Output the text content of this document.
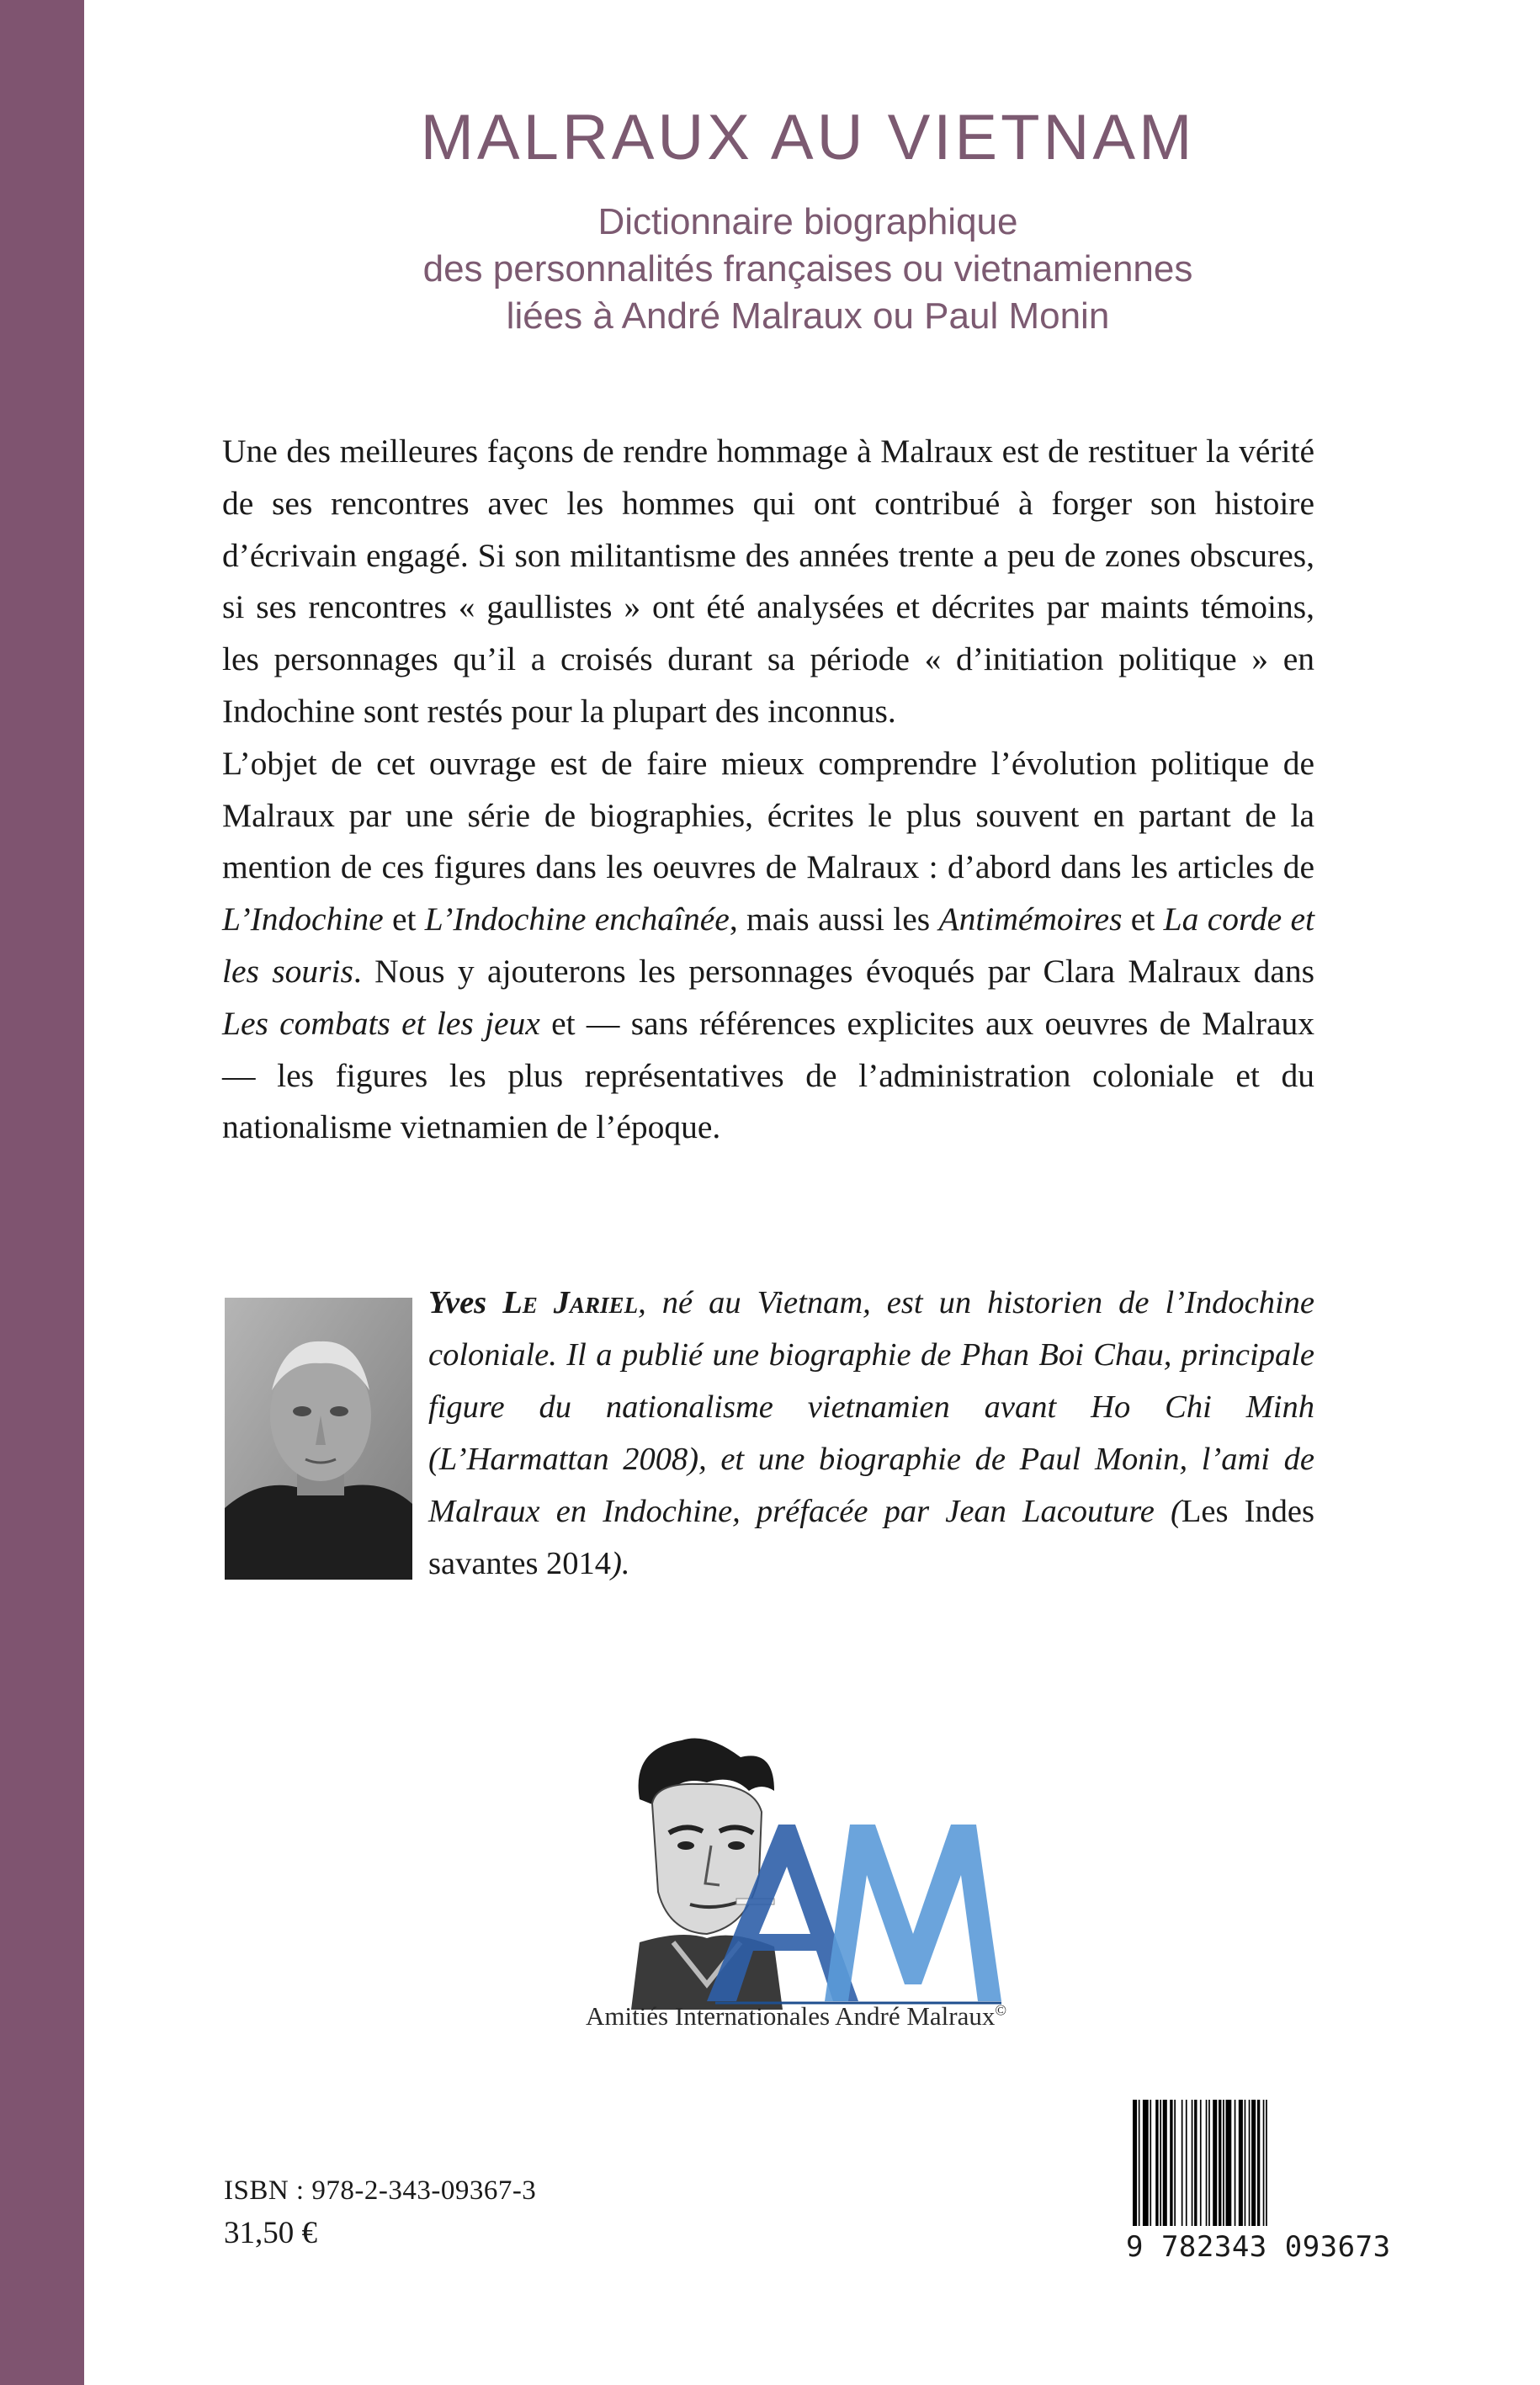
MALRAUX AU VIETNAM
Dictionnaire biographique
des personnalités françaises ou vietnamiennes
liées à André Malraux ou Paul Monin

Une des meilleures façons de rendre hommage à Malraux est de restituer la vérité de ses rencontres avec les hommes qui ont contribué à forger son histoire d’écrivain engagé. Si son militantisme des années trente a peu de zones obscures, si ses rencontres « gaullistes » ont été analysées et décrites par maints témoins, les personnages qu’il a croisés durant sa période « d’initiation politique » en Indochine sont restés pour la plupart des inconnus.

L’objet de cet ouvrage est de faire mieux comprendre l’évolution politique de Malraux par une série de biographies, écrites le plus souvent en partant de la mention de ces figures dans les oeuvres de Malraux : d’abord dans les articles de L’Indochine et L’Indochine enchaînée, mais aussi les Antimémoires et La corde et les souris. Nous y ajouterons les personnages évoqués par Clara Malraux dans Les combats et les jeux et — sans références explicites aux oeuvres de Malraux — les figures les plus représentatives de l’administration coloniale et du nationalisme vietnamien de l’époque.

Yves Le Jariel, né au Vietnam, est un historien de l’Indochine coloniale. Il a publié une biographie de Phan Boi Chau, principale figure du nationalisme vietnamien avant Ho Chi Minh (L’Harmattan 2008), et une biographie de Paul Monin, l’ami de Malraux en Indochine, préfacée par Jean Lacouture (Les Indes savantes 2014).
Amitiés Internationales André Malraux©
ISBN : 978-2-343-09367-3
31,50 €	9 782343 093673
